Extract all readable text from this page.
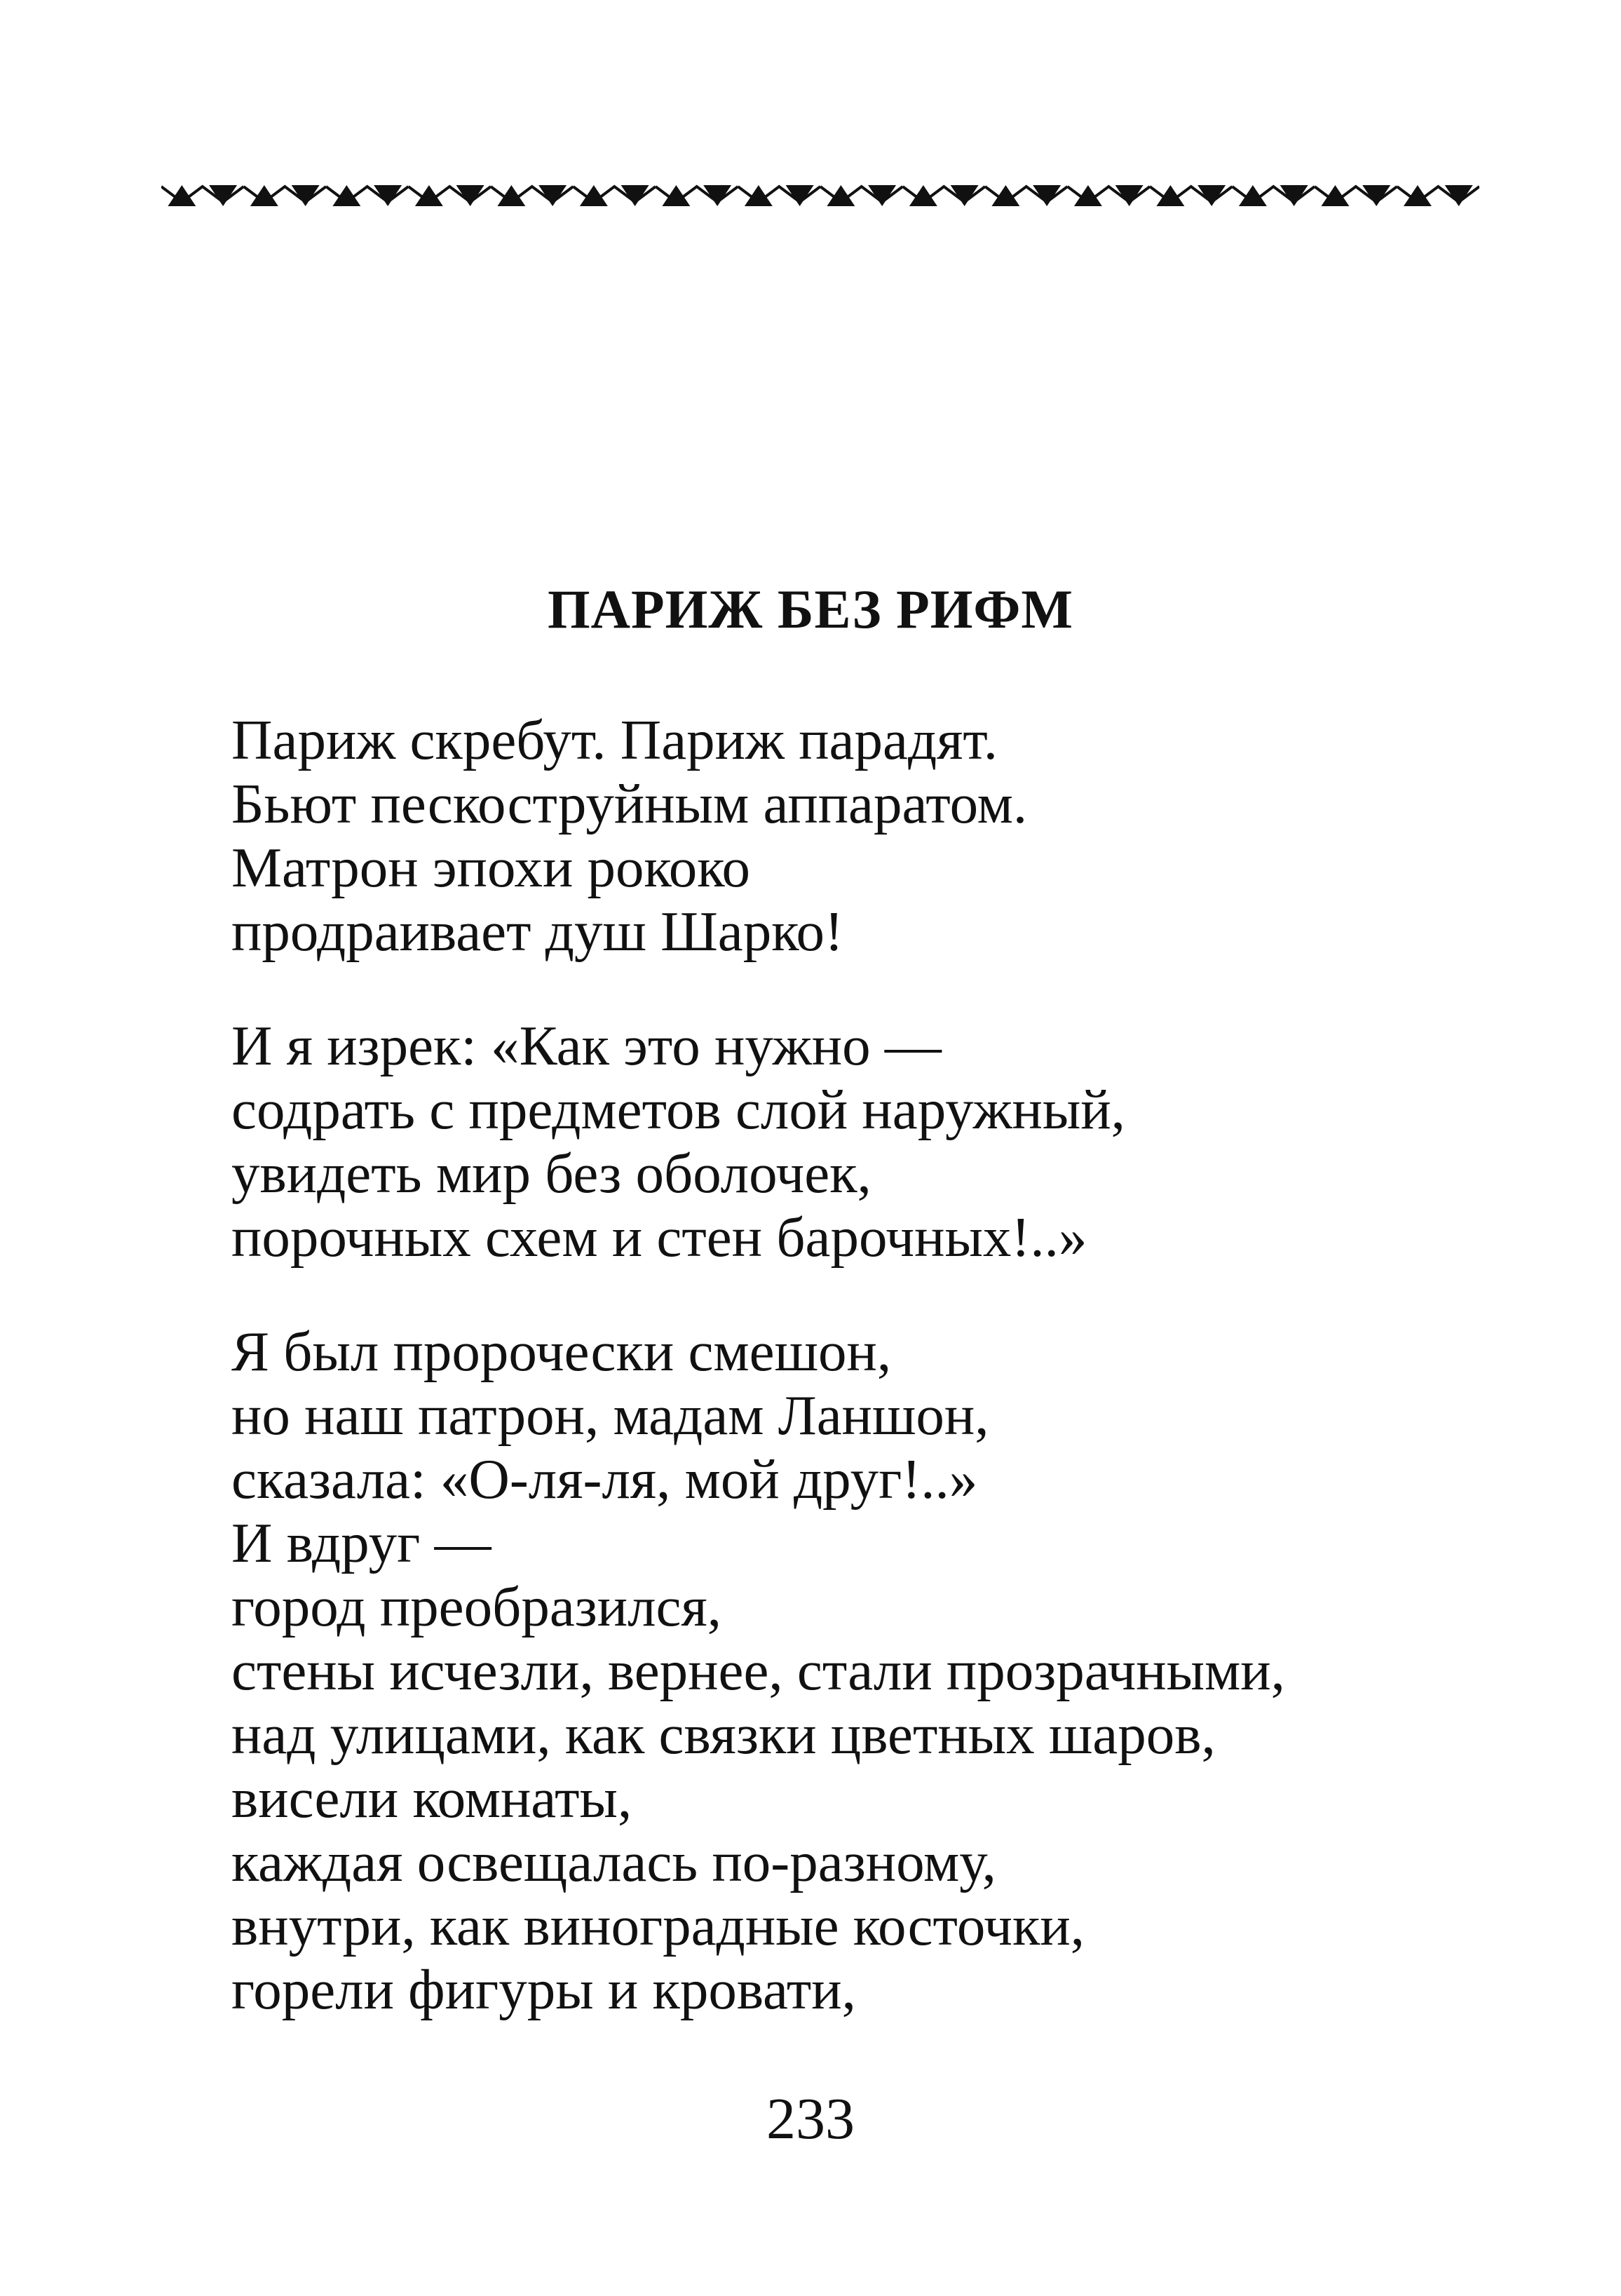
ПАРИЖ БЕЗ РИФМ
Париж скребут. Париж парадят.
Бьют пескоструйным аппаратом.
Матрон эпохи рококо
продраивает душ Шарко!
И я изрек: «Как это нужно —
содрать с предметов слой наружный,
увидеть мир без оболочек,
порочных схем и стен барочных!..»
Я был пророчески смешон,
но наш патрон, мадам Ланшон,
сказала: «О-ля-ля, мой друг!..»
И вдруг —
город преобразился,
стены исчезли, вернее, стали прозрачными,
над улицами, как связки цветных шаров,
висели комнаты,
каждая освещалась по-разному,
внутри, как виноградные косточки,
горели фигуры и кровати,
233
